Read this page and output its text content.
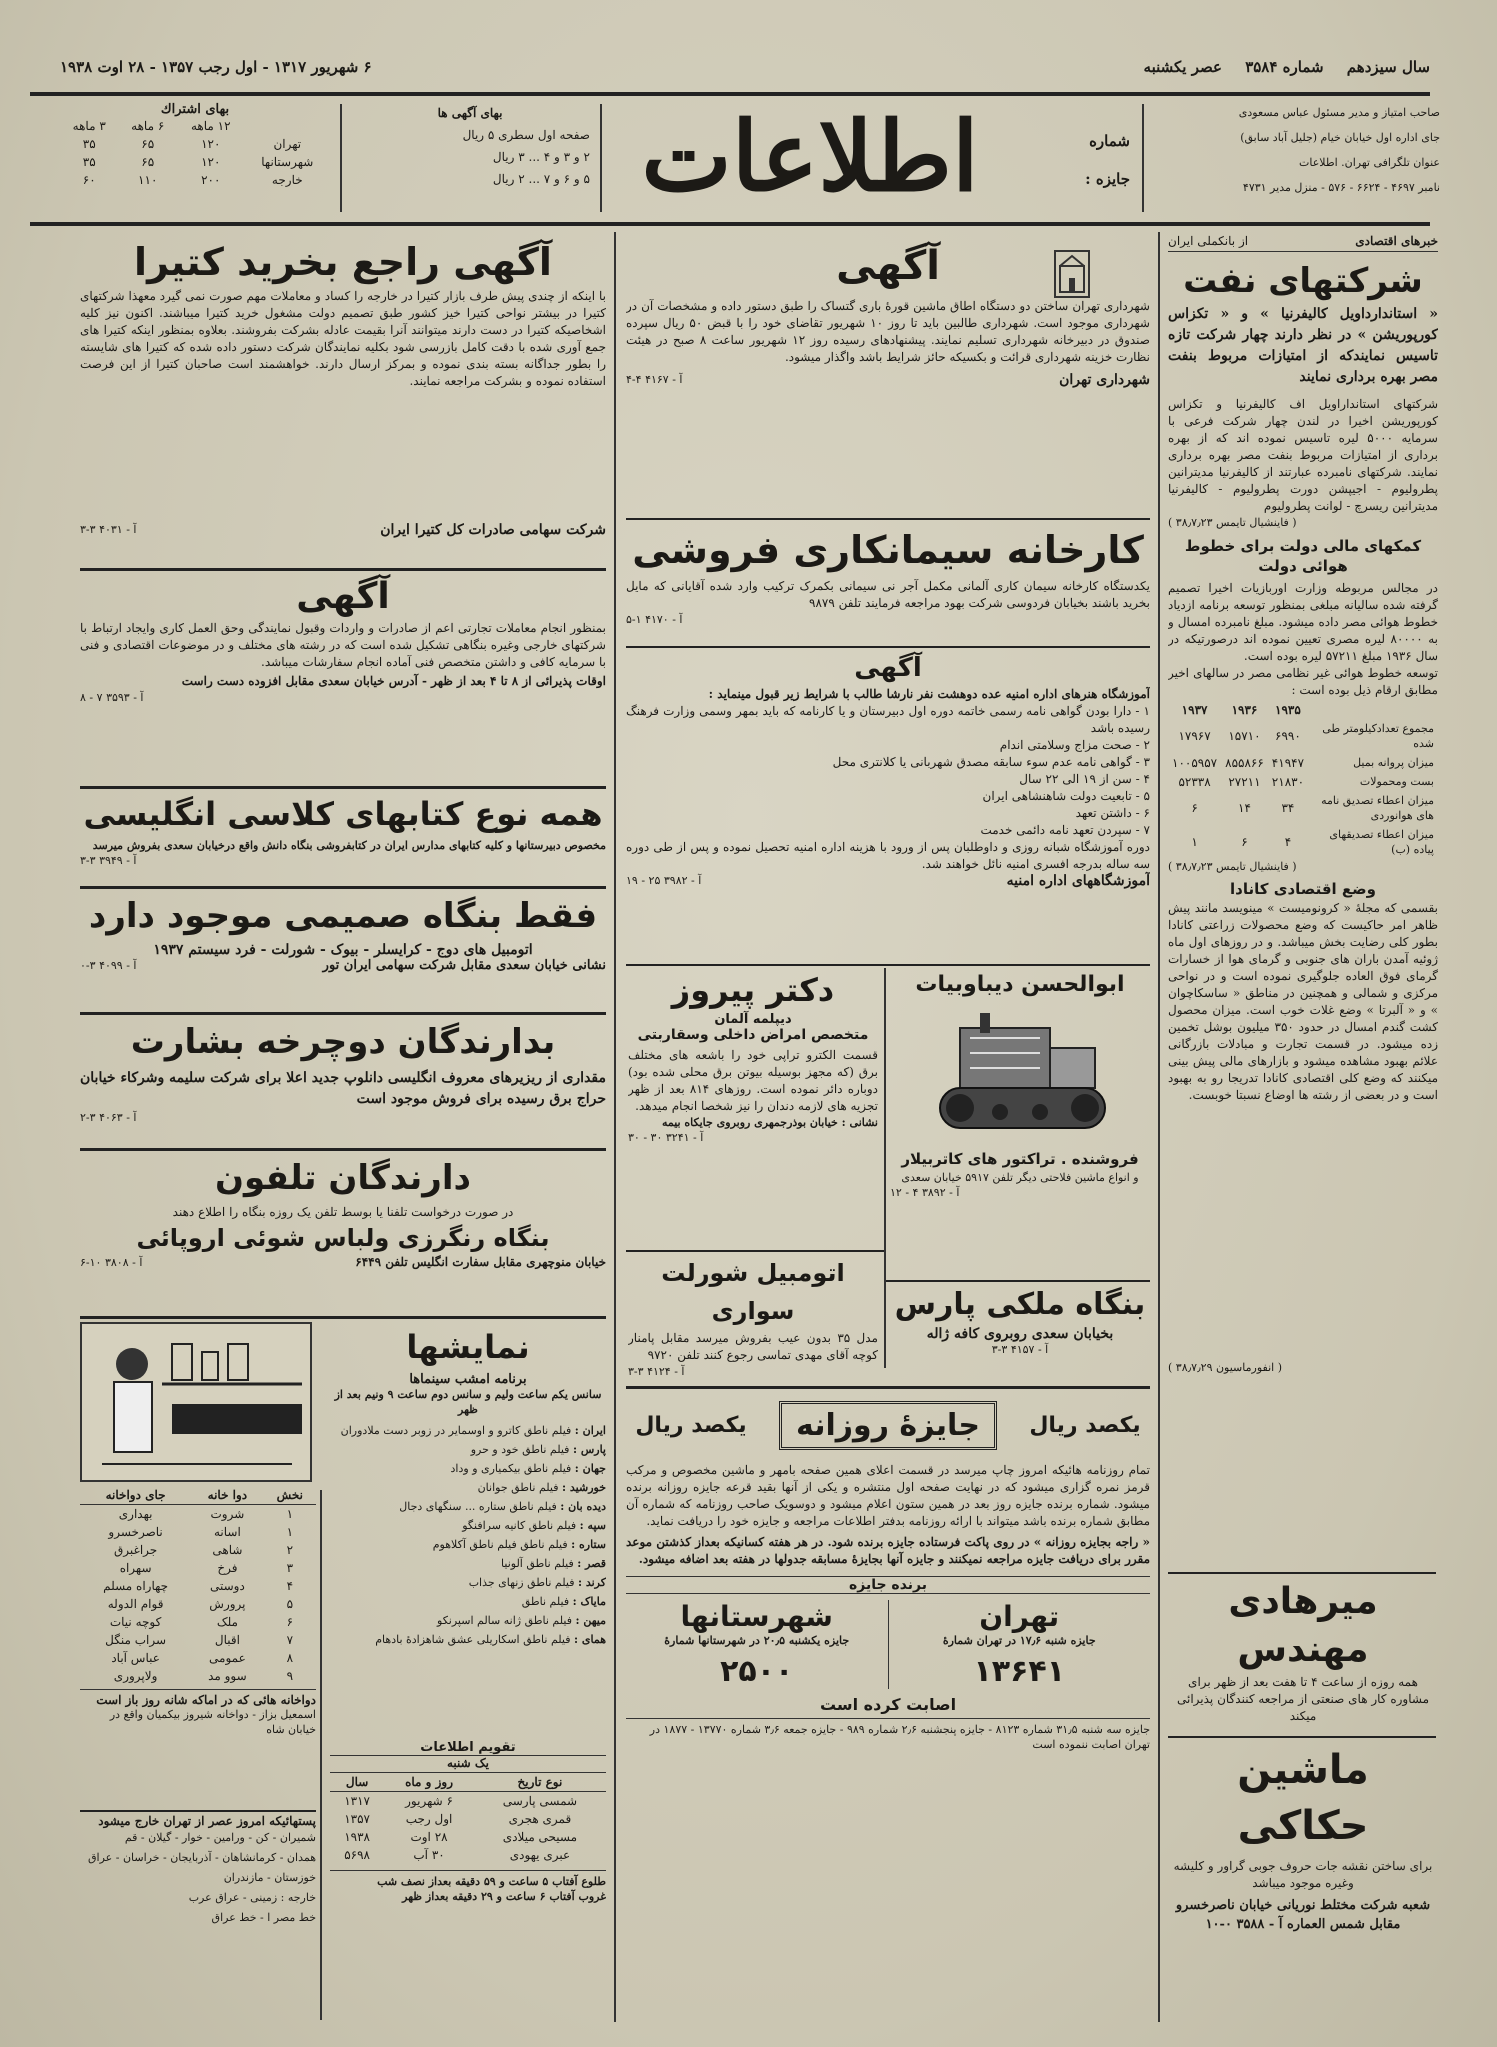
سال سیزدهم شماره ۳۵۸۴ عصر یکشنبه
۶ شهریور ۱۳۱۷ - اول رجب ۱۳۵۷ - ۲۸ اوت ۱۹۳۸
صاحب امتیاز و مدیر مسئول عباس مسعودی
جای اداره اول خیابان خیام (جلیل آباد سابق)
عنوان تلگرافی تهران. اطلاعات
نامبر ۴۶۹۷ - ۶۶۲۴ - ۵۷۶ - منزل مدیر ۴۷۳۱
شماره
جایزه :
اطلاعات
بهای آگهی ها
صفحه اول سطری ۵ ریال
۲ و ۳ و ۴ ... ۳ ریال
۵ و ۶ و ۷ ... ۲ ریال
بهای اشتراك
	۱۲ ماهه	۶ ماهه	۳ ماهه
تهران	۱۲۰	۶۵	۳۵
شهرستانها	۱۲۰	۶۵	۳۵
خارجه	۲۰۰	۱۱۰	۶۰
خبرهای اقتصادی
از بانکملی ایران
شرکتهای نفت
« استاندارداویل کالیفرنیا » و « تکزاس کورپوریشن » در نظر دارند چهار شرکت تازه تاسیس نمایندکه از امتیازات مربوط بنفت مصر بهره برداری نمایند
شرکتهای استانداراویل اف کالیفرنیا و تکزاس کورپوریشن اخیرا در لندن چهار شرکت فرعی با سرمایه ۵۰۰۰ لیره تاسیس نموده اند که از بهره برداری از امتیازات مربوط بنفت مصر بهره برداری نمایند. شرکتهای نامبرده عبارتند از کالیفرنیا مدیترانین پطرولیوم - اجیپشن دورت پطرولیوم - کالیفرنیا مدیترانین ریسرچ - لوانت پطرولیوم
( فاینشیال تایمس ۳۸٫۷٫۲۳ )
کمکهای مالی دولت برای خطوط هوائی دولت
در مجالس مربوطه وزارت اوربازیات اخیرا تصمیم گرفته شده سالیانه مبلغی بمنظور توسعه برنامه ازدیاد خطوط هوائی مصر داده میشود. مبلغ نامبرده امسال و به ۸۰۰۰۰ لیره مصری تعیین نموده اند درصورتیکه در سال ۱۹۳۶ مبلغ ۵۷۲۱۱ لیره بوده است.
توسعه خطوط هوائی غیر نظامی مصر در سالهای اخیر مطابق ارقام ذیل بوده است :
	۱۹۳۵	۱۹۳۶	۱۹۳۷
مجموع تعدادکیلومتر طی شده	۶۹۹۰	۱۵۷۱۰	۱۷۹۶۷
میزان پروانه بمیل	۴۱۹۴۷	۸۵۵۸۶۶	۱۰۰۵۹۵۷
بست ومحمولات	۲۱۸۳۰	۲۷۲۱۱	۵۲۳۳۸
میزان اعطاء تصدیق نامه های هوانوردی	۳۴	۱۴	۶
میزان اعطاء تصدیقهای پیاده (ب)	۴	۶	۱
( فاینشیال تایمس ۳۸٫۷٫۲۳ )
وضع اقتصادی کانادا
بقسمی که مجلهٔ « کرونومیست » مینویسد مانند پیش ظاهر امر حاکیست که وضع محصولات زراعتی کانادا بطور کلی رضایت بخش میباشد. و در روزهای اول ماه ژوئیه آمدن باران های جنوبی و گرمای هوا از خسارات گرمای فوق العاده جلوگیری نموده است و در نواحی مرکزی و شمالی و همچنین در مناطق « ساسکاچوان » و « آلبرتا » وضع غلات خوب است. میزان محصول کشت گندم امسال در حدود ۳۵۰ میلیون بوشل تخمین زده میشود. در قسمت تجارت و مبادلات بازرگانی علائم بهبود مشاهده میشود و بازارهای مالی پیش بینی میکنند که وضع کلی اقتصادی کانادا تدریجا رو به بهبود است و در بعضی از رشته ها اوضاع نسبتا خوبست.
( انفورماسیون ۳۸٫۷٫۲۹ )
میرهادی مهندس
همه روزه از ساعت ۴ تا هفت بعد از ظهر برای مشاوره کار های صنعتی از مراجعه کنندگان پذیرائی میکند
ماشین حکاکی
برای ساختن نقشه جات حروف جوبی گراور و کلیشه وغیره موجود میباشد
شعبه شرکت مختلط نوریانی خیابان ناصرخسرو مقابل شمس العماره آ - ۳۵۸۸ ۰-۱۰
آگهی
شهرداری تهران ساختن دو دستگاه اطاق ماشین قورهٔ باری گتساک را طبق دستور داده و مشخصات آن در شهرداری موجود است. شهرداری طالبین باید تا روز ۱۰ شهریور تقاضای خود را با قبض ۵۰ ریال سپرده صندوق در دبیرخانه شهرداری تسلیم نمایند. پیشنهادهای رسیده روز ۱۲ شهریور ساعت ۸ صبح در هیئت نظارت خزینه شهرداری قرائت و بکسیکه حائز شرایط باشد واگذار میشود.
شهرداری تهران
آ - ۴۱۶۷ ۴-۴
کارخانه سیمانکاری فروشی
یکدستگاه کارخانه سیمان کاری آلمانی مکمل آجر نی سیمانی بکمرک ترکیب وارد شده آقایانی که مایل بخرید باشند بخیابان فردوسی شرکت بهود مراجعه فرمایند تلفن ۹۸۷۹
آ - ۴۱۷۰ ۱-۵
آگهی
آموزشگاه هنرهای اداره امنیه عده دوهشت نفر نارشا طالب با شرایط زیر قبول مینماید :
۱ - دارا بودن گواهی نامه رسمی خاتمه دوره اول دبیرستان و یا کارنامه که باید بمهر وسمی وزارت فرهنگ رسیده باشد
۲ - صحت مزاج وسلامتی اندام
۳ - گواهی نامه عدم سوء سابقه مصدق شهربانی یا کلانتری محل
۴ - سن از ۱۹ الی ۲۲ سال
۵ - تابعیت دولت شاهنشاهی ایران
۶ - داشتن تعهد
۷ - سپردن تعهد نامه دائمی خدمت
دوره آموزشگاه شبانه روزی و داوطلبان پس از ورود با هزینه اداره امنیه تحصیل نموده و پس از طی دوره سه ساله بدرجه افسری امنیه نائل خواهند شد.
آموزشگاههای اداره امنیه
آ - ۳۹۸۲ ۲۵ - ۱۹
ابوالحسن دیباوبیات
فروشنده . تراکتور های کاتربیلار
و انواع ماشین فلاحتی دیگر تلفن ۵۹۱۷ خیابان سعدی
آ - ۳۸۹۲ ۴ - ۱۲
دکتر پیروز
دیپلمه آلمان
متخصص امراض داخلی وسقاربتی
قسمت الکترو تراپی خود را باشعه های مختلف برق (که مجهز بوسیله بیوتن برق محلی شده بود) دوباره دائر نموده است. روزهای ۸۱۴ بعد از ظهر تجزیه های لازمه دندان را نیز شخصا انجام میدهد.
نشانی : خیابان بوذرجمهری روبروی جایکاه بیمه
آ - ۳۲۴۱ ۳۰ - ۳۰
اتومبیل شورلت سواری
مدل ۳۵ بدون عیب بفروش میرسد مقابل پامنار کوچه آقای مهدی تماسی رجوع کنند تلفن ۹۷۲۰
آ - ۴۱۲۴ ۳-۳
بنگاه ملکی پارس
بخیابان سعدی روبروی کافه ژاله
آ - ۴۱۵۷ ۳-۳
یکصد ریال
جایزهٔ روزانه
یکصد ریال
تمام روزنامه هائیکه امروز چاپ میرسد در قسمت اعلای همین صفحه بامهر و ماشین مخصوص و مرکب قرمز نمره گزاری میشود که در نهایت صفحه اول منتشره و یکی از آنها بقید قرعه جایزه روزانه برنده میشود. شماره برنده جایزه روز بعد در همین ستون اعلام میشود و دوسویک صاحب روزنامه که شماره آن مطابق شماره برنده باشد میتواند با ارائه روزنامه بدفتر اطلاعات مراجعه و جایزه خود را دریافت نماید.
« راجه بجایزه روزانه » در روی پاکت فرستاده جایزه برنده شود. در هر هفته کسانیکه بعداز کذشتن موعد مقرر برای دریافت جایزه مراجعه نمیکنند و جایزه آنها بجایزهٔ مسابقه جدولها در هفته بعد اضافه میشود.
برنده جایزه
تهران
جایزه شنبه ۱۷٫۶ در تهران شمارهٔ
۱۳۶۴۱
شهرستانها
جایزه یکشنبه ۲۰٫۵ در شهرستانها شمارهٔ
۲۵۰۰
اصابت کرده است
جایزه سه شنبه ۳۱٫۵ شماره ۸۱۲۳ - جایزه پنجشنبه ۲٫۶ شماره ۹۸۹ - جایزه جمعه ۳٫۶ شماره ۱۳۷۷۰ - ۱۸۷۷ در تهران اصابت ننموده است
آگهی راجع بخرید کتیرا
با اینکه از چندی پیش طرف بازار کتیرا در خارجه را کساد و معاملات مهم صورت نمی گیرد معهذا شرکتهای کتیرا در بیشتر نواحی کتیرا خیز کشور طبق تصمیم دولت مشغول خرید کتیرا میباشند. اکنون نیز کلیه اشخاصیکه کتیرا در دست دارند میتوانند آنرا بقیمت عادله بشرکت بفروشند. بعلاوه بمنظور اینکه کتیرا های جمع آوری شده با دقت کامل بازرسی شود بکلیه نمایندگان شرکت دستور داده شده که کتیرا های شایسته را بطور جداگانه بسته بندی نموده و بمرکز ارسال دارند. خواهشمند است صاحبان کتیرا از این فرصت استفاده نموده و بشرکت مراجعه نمایند.
شرکت سهامی صادرات کل کتیرا ایران
آ - ۴۰۳۱ ۳-۳
آگهی
بمنظور انجام معاملات تجارتی اعم از صادرات و واردات وقبول نمایندگی وحق العمل کاری وایجاد ارتباط با شرکتهای خارجی وغیره بنگاهی تشکیل شده است که در رشته های مختلف و در موضوعات اقتصادی و فنی با سرمایه کافی و داشتن متخصص فنی آماده انجام سفارشات میباشد.
اوقات پذیرائی از ۸ تا ۴ بعد از ظهر - آدرس خیابان سعدی مقابل افزوده دست راست
آ - ۳۵۹۳ ۷ - ۸
همه نوع کتابهای کلاسی انگلیسی
مخصوص دبیرستانها و کلیه کتابهای مدارس ایران در کتابفروشی بنگاه دانش واقع درخیابان سعدی بفروش میرسد
آ - ۳۹۴۹ ۳-۳
فقط بنگاه صمیمی موجود دارد
اتومبیل های دوج - کرایسلر - بیوک - شورلت - فرد سیستم ۱۹۳۷
نشانی خیابان سعدی مقابل شرکت سهامی ایران تور
آ - ۴۰۹۹ ۳-۰
بدارندگان دوچرخه بشارت
مقداری از ریزیرهای معروف انگلیسی دانلوپ جدید اعلا برای شرکت سلیمه وشرکاء خیابان حراج برق رسیده برای فروش موجود است
آ - ۴۰۶۳ ۳-۲
دارندگان تلفون
در صورت درخواست تلفنا یا بوسط تلفن یک روزه بنگاه را اطلاع دهند
بنگاه رنگرزی ولباس شوئی اروپائی
خیابان منوچهری مقابل سفارت انگلیس تلفن ۶۴۴۹
آ - ۳۸۰۸ ۱۰-۶
نمایشها
برنامه امشب سینماها
سانس یکم ساعت ولیم و سانس دوم ساعت ۹ ونیم بعد از ظهر
ایران : فیلم ناطق کاترو و اوسمایر در زوبر دست ملادوران
پارس : فیلم ناطق خود و حرو
جهان : فیلم ناطق بیکمیاری و وداد
خورشید : فیلم ناطق جوانان
ديده بان : فیلم ناطق ستاره ... سنگهای دجال
سپه : فیلم ناطق کانیه سرافنگو
ستاره : فیلم ناطق فیلم ناطق آکلاهوم
قصر : فیلم ناطق آلونیا
کرند : فیلم ناطق زنهای جذاب
مایاک : فیلم ناطق
میهن : فیلم ناطق ژانه سالم اسپرنکو
همای : فیلم ناطق اسکاریلی عشق شاهزادهٔ بادهام
نخش	دوا خانه	جای دواخانه
۱	شروت	بهداری
۱	اسانه	ناصرخسرو
۲	شاهی	جراغبرق
۳	فرخ	سهراه
۴	دوستی	چهاراه مسلم
۵	پرورش	قوام الدوله
۶	ملک	کوچه نیات
۷	اقبال	سراب منگل
۸	عمومی	عباس آباد
۹	سوو مد	ولاپروری
دواخانه هائی که در اماکه شانه روز باز است
اسمعیل بزاز - دواخانه شیروز بیکمیان واقع در خیابان شاه
پستهائیکه امروز عصر از تهران خارج میشود
شمیران - کن - ورامین - خوار - گیلان - قم
همدان - کرمانشاهان - آذربایجان - خراسان - عراق
خوزستان - مازندران
خارجه : زمینی - عراق عرب
خط مصر ا - خط عراق
تقویم اطلاعات
یک شنبه
نوع تاریخ	روز و ماه	سال
شمسی پارسی	۶ شهریور	۱۳۱۷
قمری هجری	اول رجب	۱۳۵۷
مسیحی میلادی	۲۸ اوت	۱۹۳۸
عبری یهودی	۳۰ آب	۵۶۹۸
طلوع آفتاب ۵ ساعت و ۵۹ دقیقه بعداز نصف شب
غروب آفتاب ۶ ساعت و ۲۹ دقیقه بعداز ظهر
